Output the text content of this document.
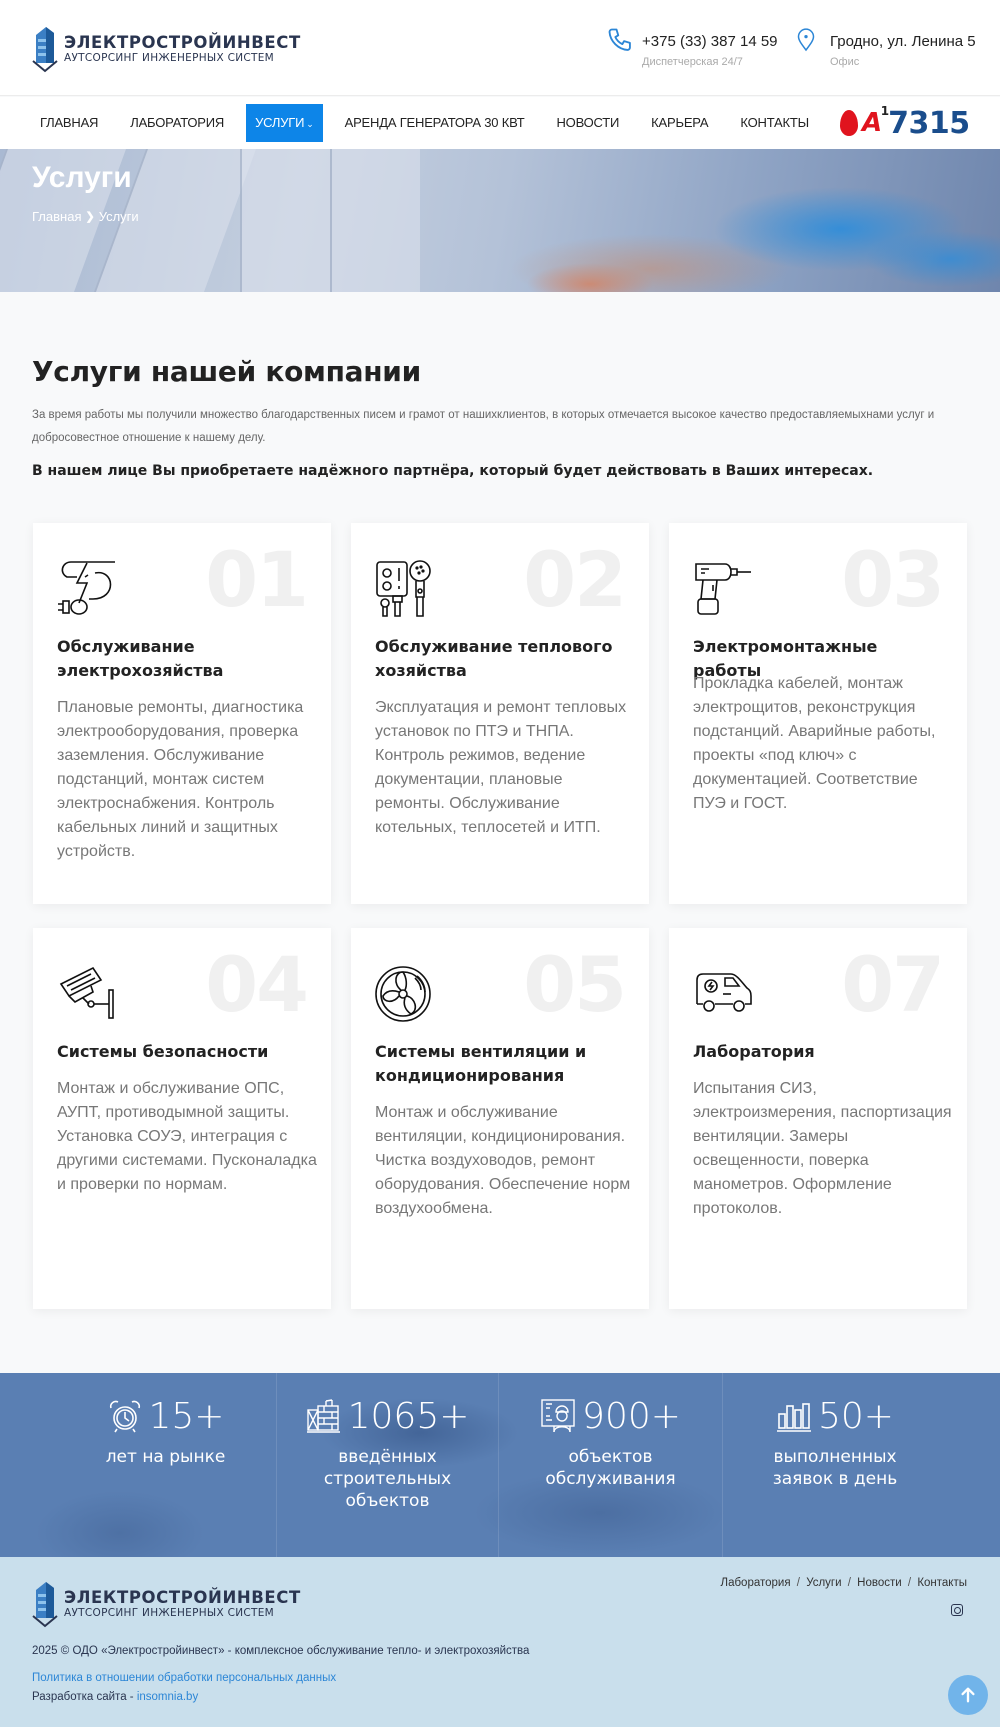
ЭЛЕКТРОСТРОЙИНВЕСТ
АУТСОРСИНГ ИНЖЕНЕРНЫХ СИСТЕМ
+375 (33) 387 14 59
Диспетчерская 24/7
Гродно, ул. Ленина 5
Офис
ГЛАВНАЯ	ЛАБОРАТОРИЯ	УСЛУГИ ⌄	АРЕНДА ГЕНЕРАТОРА 30 КВТ	НОВОСТИ	КАРЬЕРА	КОНТАКТЫ	A
1 7315
Услуги
Главная ❯ Услуги
Услуги нашей компании

За время работы мы получили множество благодарственных писем и грамот от нашихклиентов, в которых отмечается высокое качество предоставляемыхнами услуг и добросовестное отношение к нашему делу.

В нашем лице Вы приобретаете надёжного партнёра, который будет действовать в Ваших интересах.

01
Обслуживание электрохозяйства

Плановые ремонты, диагностика электрооборудования, проверка заземления. Обслуживание подстанций, монтаж систем электроснабжения. Контроль кабельных линий и защитных устройств.

02
Обслуживание теплового хозяйства

Эксплуатация и ремонт тепловых установок по ПТЭ и ТНПА. Контроль режимов, ведение документации, плановые ремонты. Обслуживание котельных, теплосетей и ИТП.

03
Электромонтажные работы

Прокладка кабелей, монтаж электрощитов, реконструкция подстанций. Аварийные работы, проекты «под ключ» с документацией. Соответствие ПУЭ и ГОСТ.

04
Системы безопасности

Монтаж и обслуживание ОПС, АУПТ, противодымной защиты. Установка СОУЭ, интеграция с другими системами. Пусконаладка и проверки по нормам.

05
Системы вентиляции и кондиционирования

Монтаж и обслуживание вентиляции, кондиционирования. Чистка воздуховодов, ремонт оборудования. Обеспечение норм воздухообмена.

07
Лаборатория

Испытания СИЗ, электроизмерения, паспортизация вентиляции. Замеры освещенности, поверка манометров. Оформление протоколов.

15+
лет на рынке
1065+
введённых строительных объектов
900+
объектов обслуживания
50+
выполненных заявок в день
ЭЛЕКТРОСТРОЙИНВЕСТ
АУТСОРСИНГ ИНЖЕНЕРНЫХ СИСТЕМ
Лаборатория / Услуги / Новости / Контакты
2025 © ОДО «Электростройинвест» - комплексное обслуживание тепло- и электрохозяйства
Политика в отношении обработки персональных данных
Разработка сайта - insomnia.by
